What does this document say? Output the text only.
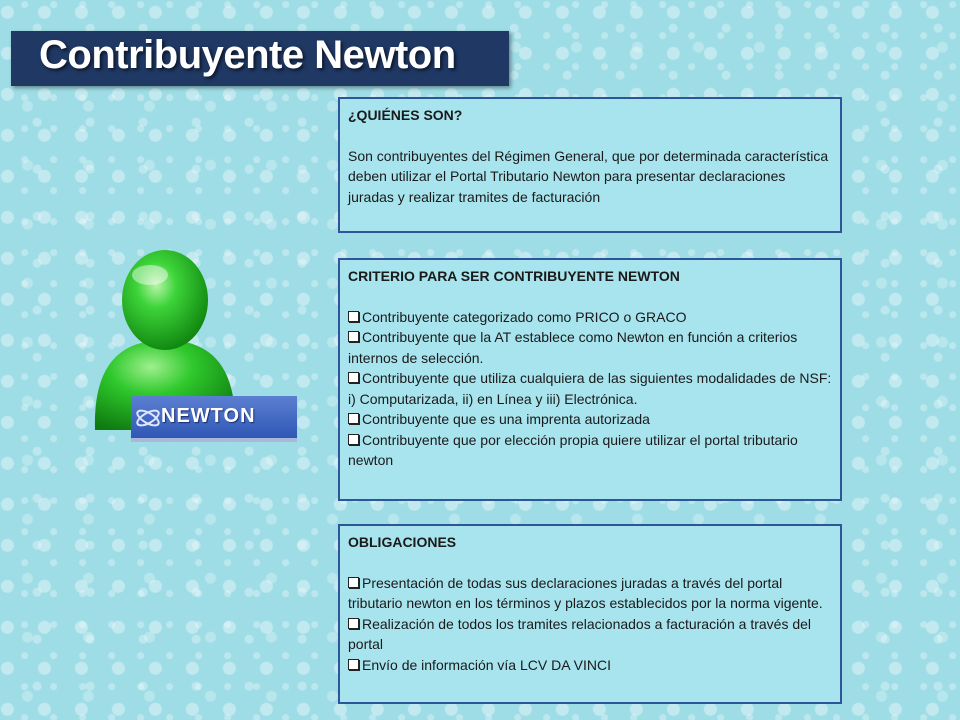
Contribuyente Newton
NEWTON
¿QUIÉNES SON?

Son contribuyentes del Régimen General, que por determinada característica deben utilizar el Portal Tributario Newton para presentar declaraciones juradas y realizar tramites de facturación

CRITERIO PARA SER CONTRIBUYENTE NEWTON
Contribuyente categorizado como PRICO o GRACO
Contribuyente que la AT establece como Newton en función a criterios internos de selección.
Contribuyente que utiliza cualquiera de las siguientes modalidades de NSF: i) Computarizada, ii) en Línea y iii) Electrónica.
Contribuyente que es una imprenta autorizada
Contribuyente que por elección propia quiere utilizar el portal tributario newton
OBLIGACIONES
Presentación de todas sus declaraciones juradas a través del portal tributario newton en los términos y plazos establecidos por la norma vigente.
Realización de todos los tramites relacionados a facturación a través del portal
Envío de información vía LCV DA VINCI
